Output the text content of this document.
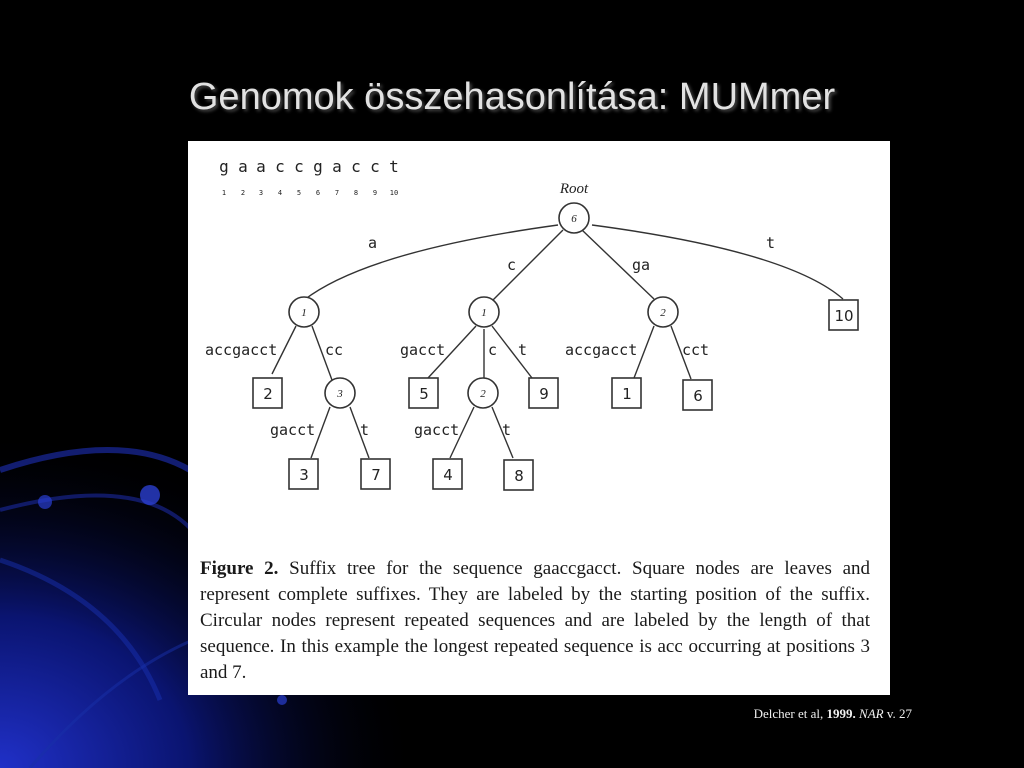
Genomok összehasonlítása: MUMmer
g a a c c g a c c t
1 2 3 4 5 6 7 8 9 10
a
c	ga
t
accgacct	cc	gacct	c t	accgacct	cct
gacct	t	gacct	t
Root
6
1	1	2
3	2
10
2	5	9	1	6
3	7	4	8
Figure 2. Suffix tree for the sequence gaaccgacct. Square nodes are leaves and represent complete suffixes. They are labeled by the starting position of the suffix. Circular nodes represent repeated sequences and are labeled by the length of that sequence. In this example the longest repeated sequence is acc occurring at positions 3 and 7.
Delcher et al, 1999. NAR v. 27
